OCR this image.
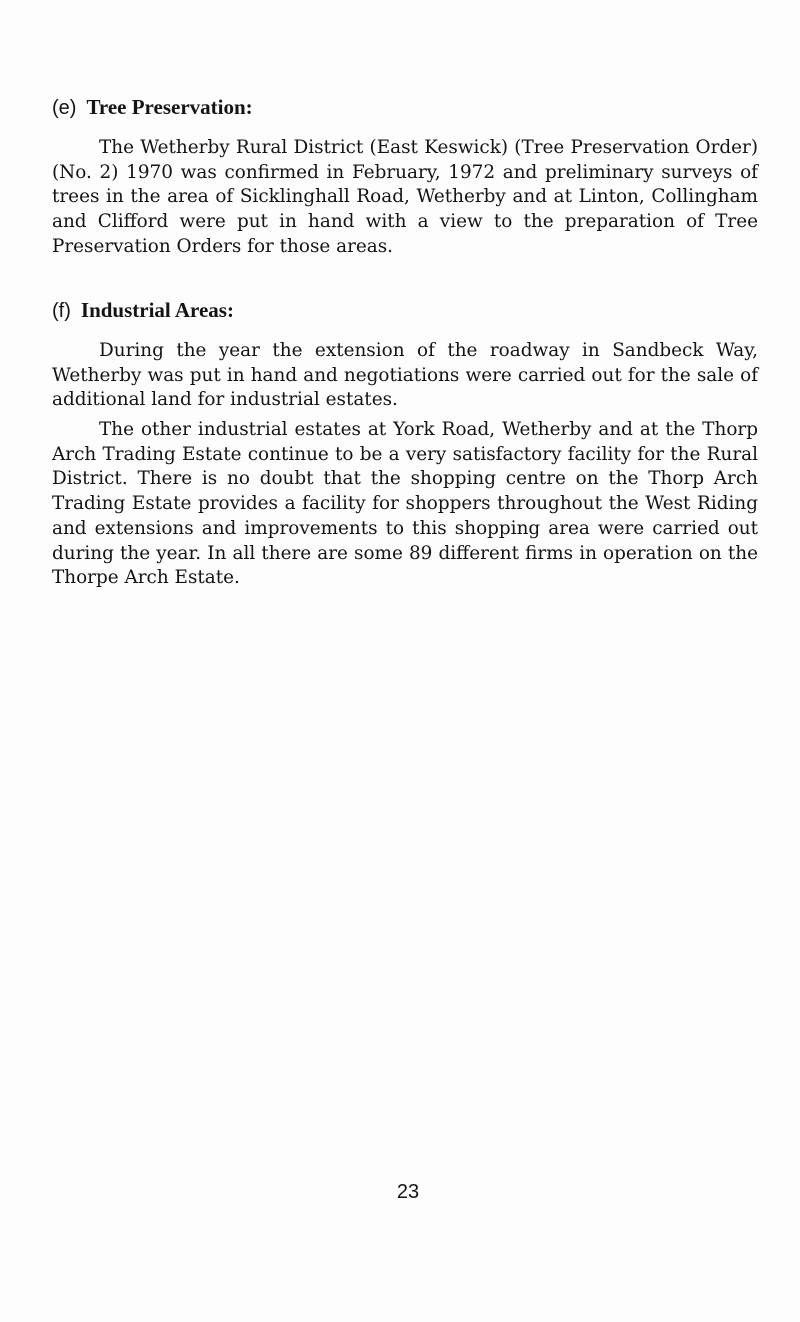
(e) Tree Preservation:

The Wetherby Rural District (East Keswick) (Tree Preservation Order) (No. 2) 1970 was confirmed in February, 1972 and preliminary surveys of trees in the area of Sicklinghall Road, Wetherby and at Linton, Collingham and Clifford were put in hand with a view to the preparation of Tree Preservation Orders for those areas.

(f) Industrial Areas:

During the year the extension of the roadway in Sandbeck Way, Wetherby was put in hand and negotiations were carried out for the sale of additional land for industrial estates.

The other industrial estates at York Road, Wetherby and at the Thorp Arch Trading Estate continue to be a very satisfactory facility for the Rural District. There is no doubt that the shopping centre on the Thorp Arch Trading Estate provides a facility for shoppers throughout the West Riding and extensions and improvements to this shopping area were carried out during the year. In all there are some 89 different firms in operation on the Thorpe Arch Estate.

23
